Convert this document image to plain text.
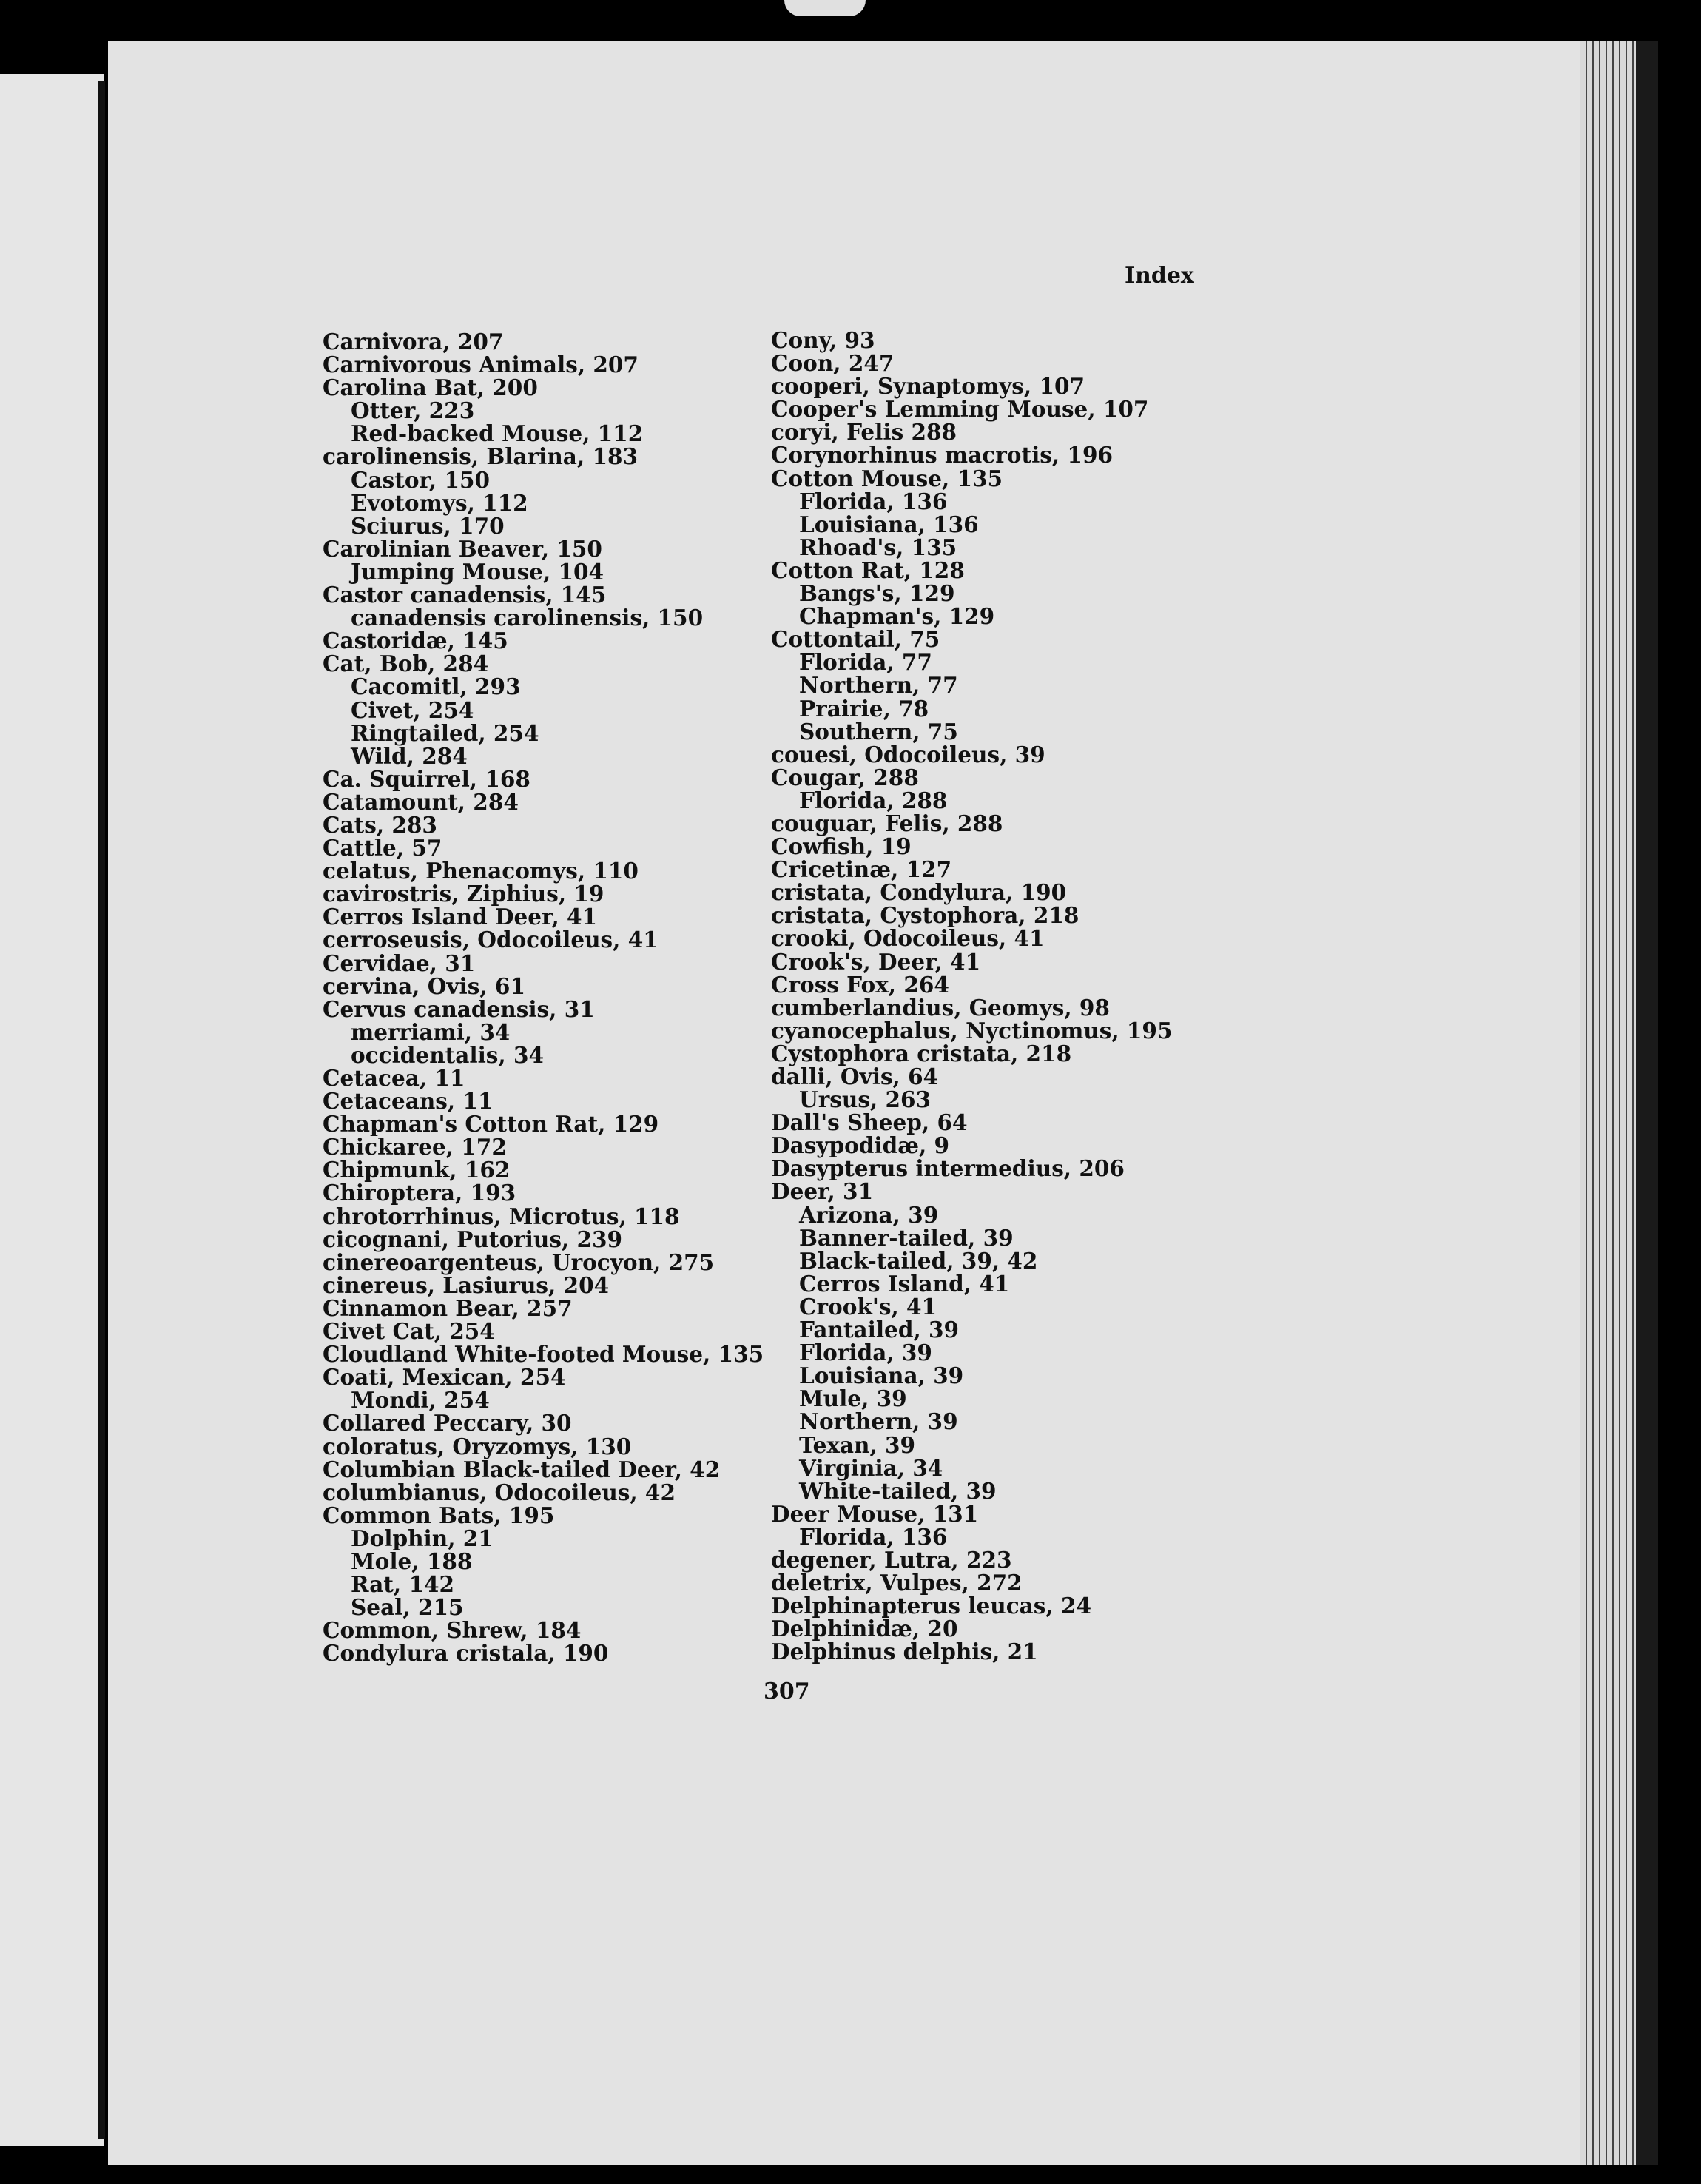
Index
Carnivora, 207
Carnivorous Animals, 207
Carolina Bat, 200
Otter, 223
Red-backed Mouse, 112
carolinensis, Blarina, 183
Castor, 150
Evotomys, 112
Sciurus, 170
Carolinian Beaver, 150
Jumping Mouse, 104
Castor canadensis, 145
canadensis carolinensis, 150
Castoridæ, 145
Cat, Bob, 284
Cacomitl, 293
Civet, 254
Ringtailed, 254
Wild, 284
Ca. Squirrel, 168
Catamount, 284
Cats, 283
Cattle, 57
celatus, Phenacomys, 110
cavirostris, Ziphius, 19
Cerros Island Deer, 41
cerroseusis, Odocoileus, 41
Cervidae, 31
cervina, Ovis, 61
Cervus canadensis, 31
merriami, 34
occidentalis, 34
Cetacea, 11
Cetaceans, 11
Chapman's Cotton Rat, 129
Chickaree, 172
Chipmunk, 162
Chiroptera, 193
chrotorrhinus, Microtus, 118
cicognani, Putorius, 239
cinereoargenteus, Urocyon, 275
cinereus, Lasiurus, 204
Cinnamon Bear, 257
Civet Cat, 254
Cloudland White-footed Mouse, 135
Coati, Mexican, 254
Mondi, 254
Collared Peccary, 30
coloratus, Oryzomys, 130
Columbian Black-tailed Deer, 42
columbianus, Odocoileus, 42
Common Bats, 195
Dolphin, 21
Mole, 188
Rat, 142
Seal, 215
Common, Shrew, 184
Condylura cristala, 190
Cony, 93
Coon, 247
cooperi, Synaptomys, 107
Cooper's Lemming Mouse, 107
coryi, Felis 288
Corynorhinus macrotis, 196
Cotton Mouse, 135
Florida, 136
Louisiana, 136
Rhoad's, 135
Cotton Rat, 128
Bangs's, 129
Chapman's, 129
Cottontail, 75
Florida, 77
Northern, 77
Prairie, 78
Southern, 75
couesi, Odocoileus, 39
Cougar, 288
Florida, 288
couguar, Felis, 288
Cowfish, 19
Cricetinæ, 127
cristata, Condylura, 190
cristata, Cystophora, 218
crooki, Odocoileus, 41
Crook's, Deer, 41
Cross Fox, 264
cumberlandius, Geomys, 98
cyanocephalus, Nyctinomus, 195
Cystophora cristata, 218
dalli, Ovis, 64
Ursus, 263
Dall's Sheep, 64
Dasypodidæ, 9
Dasypterus intermedius, 206
Deer, 31
Arizona, 39
Banner-tailed, 39
Black-tailed, 39, 42
Cerros Island, 41
Crook's, 41
Fantailed, 39
Florida, 39
Louisiana, 39
Mule, 39
Northern, 39
Texan, 39
Virginia, 34
White-tailed, 39
Deer Mouse, 131
Florida, 136
degener, Lutra, 223
deletrix, Vulpes, 272
Delphinapterus leucas, 24
Delphinidæ, 20
Delphinus delphis, 21
307
